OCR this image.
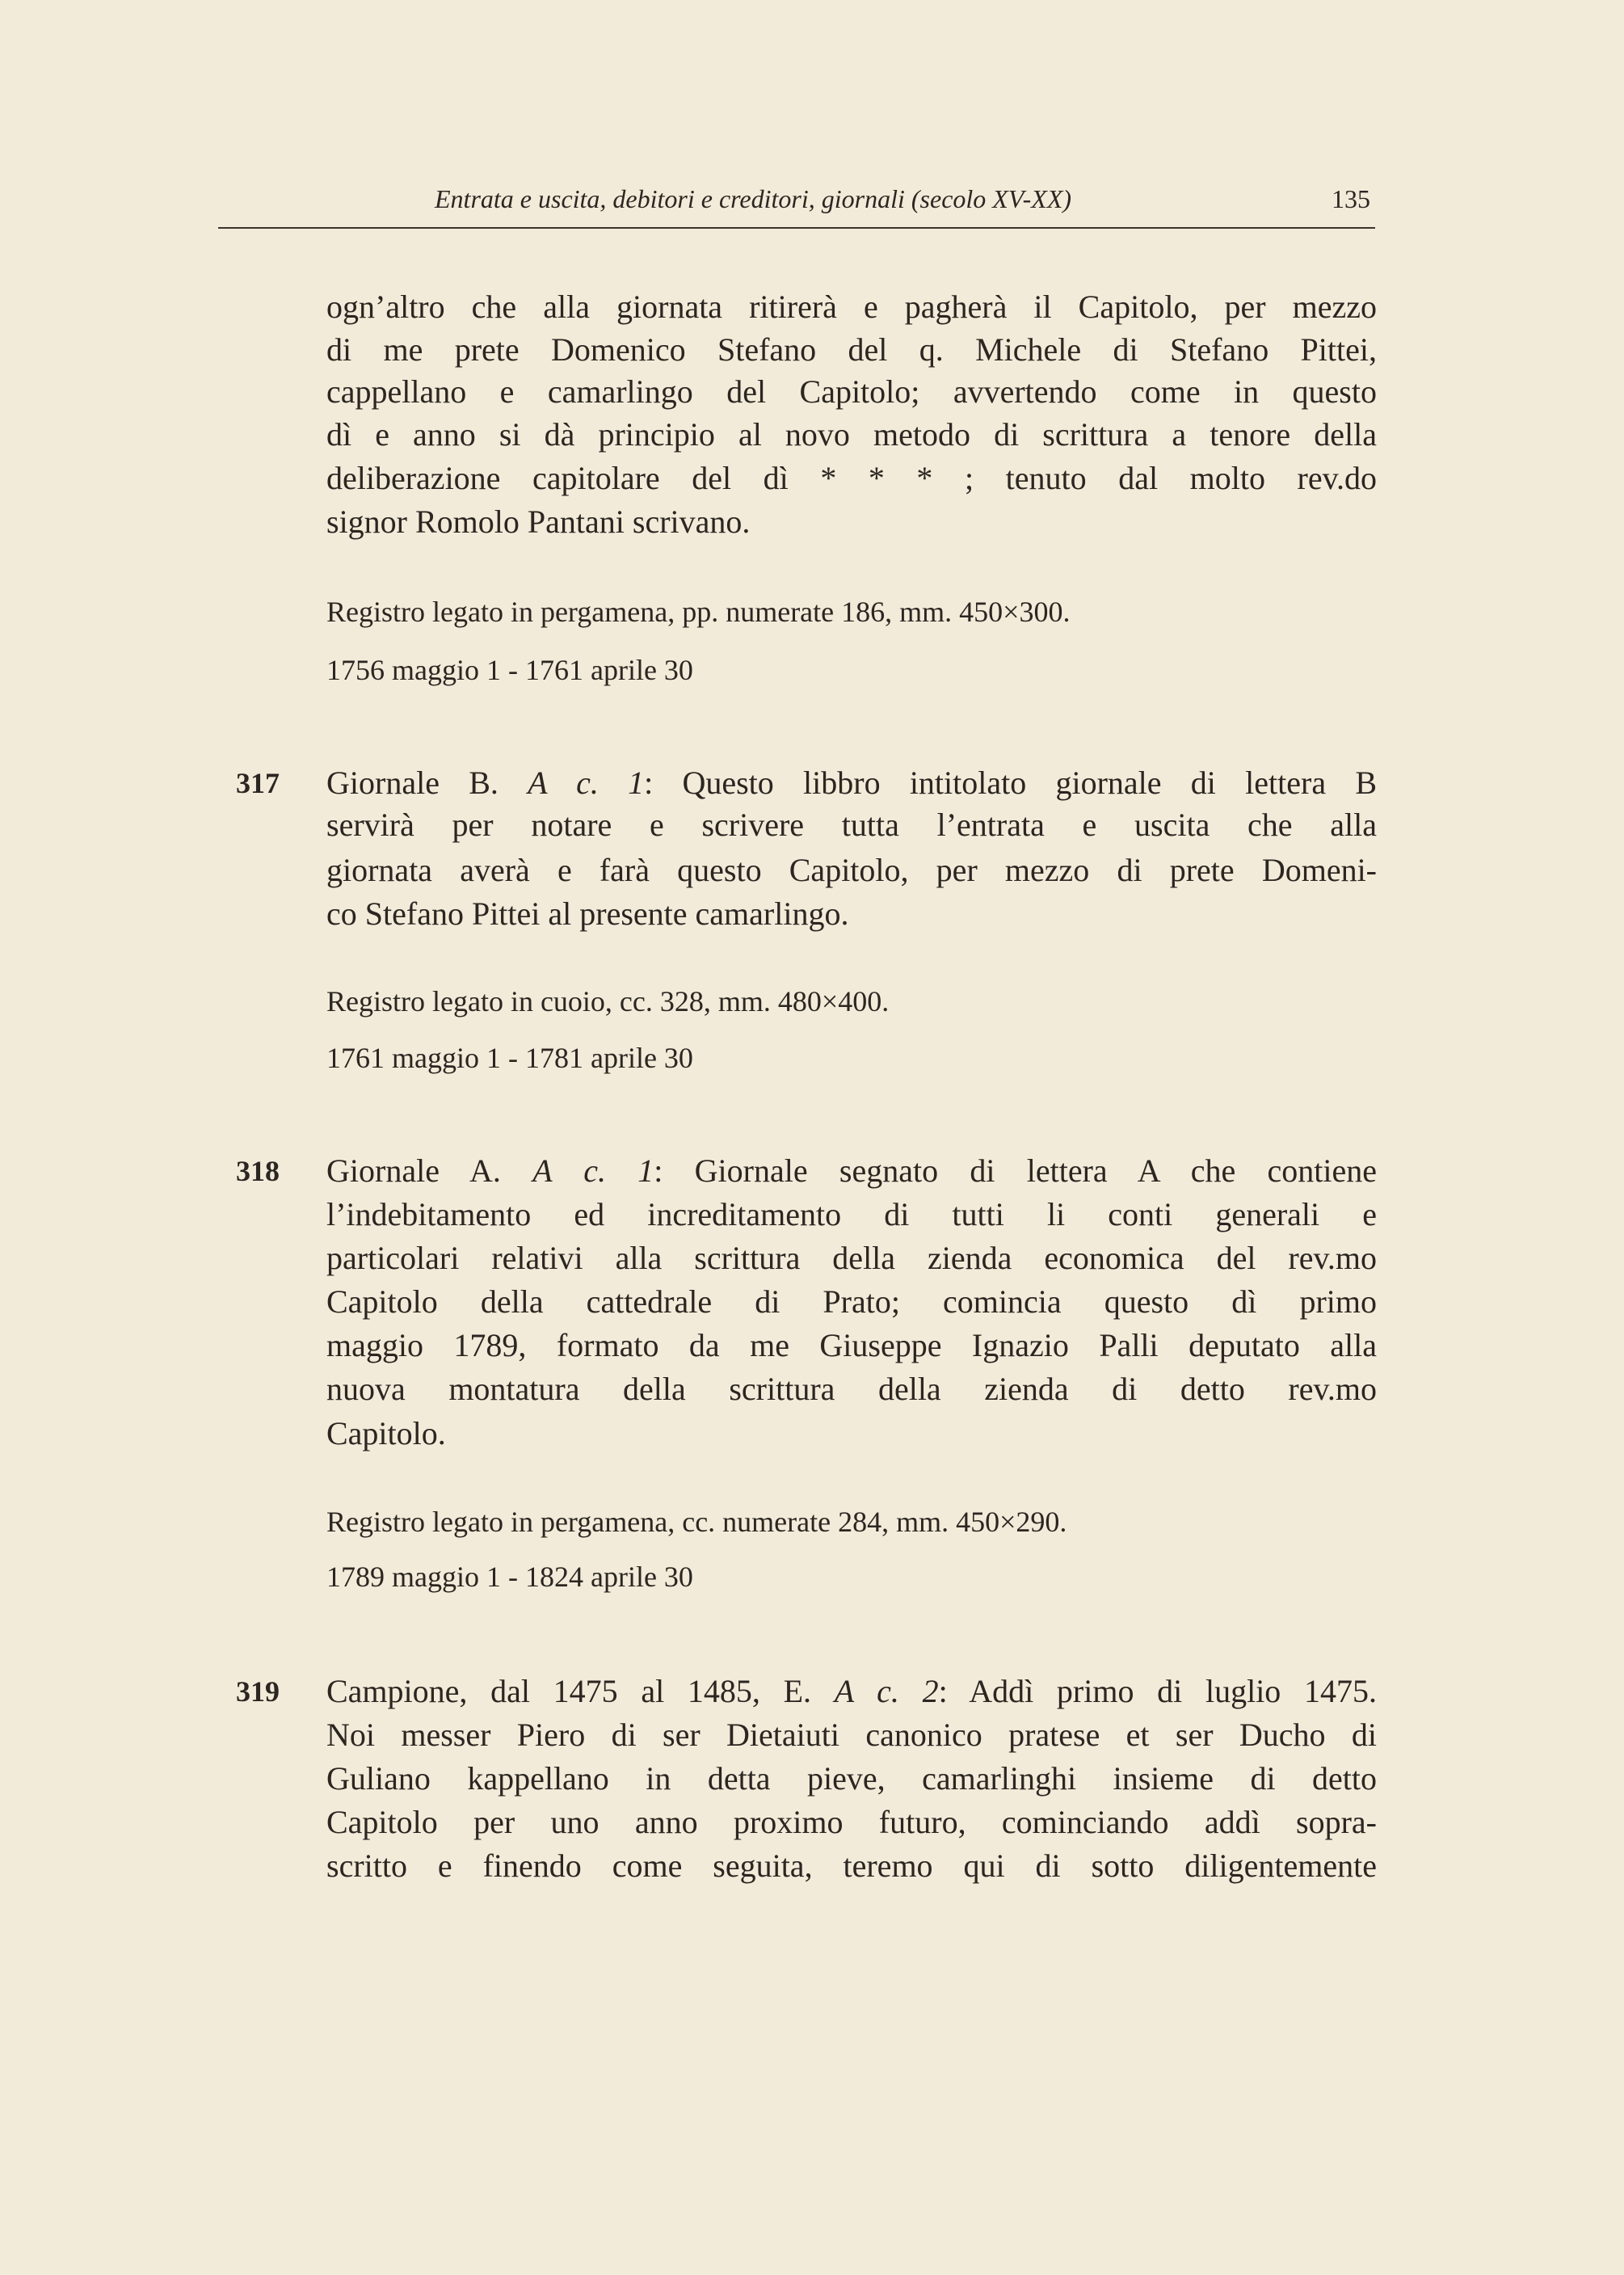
Entrata e uscita, debitori e creditori, giornali (secolo XV-XX)	135
ogn’altro che alla giornata ritirerà e pagherà il Capitolo, per mezzo
di me prete Domenico Stefano del q. Michele di Stefano Pittei,
cappellano e camarlingo del Capitolo; avvertendo come in questo
dì e anno si dà principio al novo metodo di scrittura a tenore della
deliberazione capitolare del dì * * * ; tenuto dal molto rev.do
signor Romolo Pantani scrivano.
Registro legato in pergamena, pp. numerate 186, mm. 450×300.
1756 maggio 1 - 1761 aprile 30
317 Giornale B. A c. 1: Questo libbro intitolato giornale di lettera B
servirà per notare e scrivere tutta l’entrata e uscita che alla
giornata averà e farà questo Capitolo, per mezzo di prete Domeni-
co Stefano Pittei al presente camarlingo.
Registro legato in cuoio, cc. 328, mm. 480×400.
1761 maggio 1 - 1781 aprile 30
318 Giornale A. A c. 1: Giornale segnato di lettera A che contiene
l’indebitamento ed increditamento di tutti li conti generali e
particolari relativi alla scrittura della zienda economica del rev.mo
Capitolo della cattedrale di Prato; comincia questo dì primo
maggio 1789, formato da me Giuseppe Ignazio Palli deputato alla
nuova montatura della scrittura della zienda di detto rev.mo
Capitolo.
Registro legato in pergamena, cc. numerate 284, mm. 450×290.
1789 maggio 1 - 1824 aprile 30
319 Campione, dal 1475 al 1485, E. A c. 2: Addì primo di luglio 1475.
Noi messer Piero di ser Dietaiuti canonico pratese et ser Ducho di
Guliano kappellano in detta pieve, camarlinghi insieme di detto
Capitolo per uno anno proximo futuro, cominciando addì sopra-
scritto e finendo come seguita, teremo qui di sotto diligentemente
